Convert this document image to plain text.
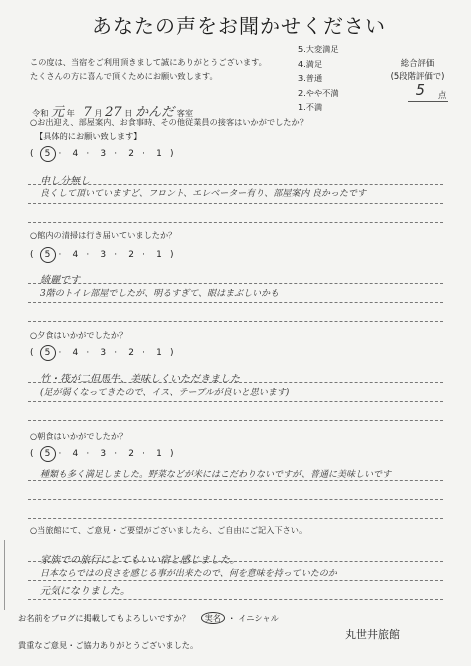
あなたの声をお聞かせください
この度は、当宿をご利用頂きまして誠にありがとうございます。
たくさんの方に喜んで頂くためにお願い致します。
5.大変満足
4.満足
3.普通
2.やや不満
1.不満
総合評価
(5段階評価で)
5 点
令和 元 年 7 月 27 日 かんだ 客室
○お出迎え、部屋案内、お食事時、その他従業員の接客はいかがでしたか？
【具体的にお願い致します】
( 5 · 4 · 3 · 2 · 1 )
申し分無し
良くして頂いていますど、フロント、エレベーター有り、部屋案内 良かったです
○館内の清掃は行き届いていましたか？
( 5 · 4 · 3 · 2 · 1 )
綺麗です
3階のトイレ部屋でしたが、明るすぎて、眼はまぶしいかも
○夕食はいかがでしたか？
( 5 · 4 · 3 · 2 · 1 )
竹・筏が二但馬牛、美味しくいただきました
(足が弱くなってきたので、イス、テーブルが良いと思います)
○朝食はいかがでしたか？
( 5 · 4 · 3 · 2 · 1 )
種類も多く満足しました。野菜などが米にはこだわりないですが、普通に美味しいです
○当旅館にて、ご意見・ご要望がございましたら、ご自由にご記入下さい。
家族での旅行にとてもいい宿と感じました。
日本ならではの良さを感じる事が出来たので、何を意味を持っていたのか
元気になりました。
お名前をブログに掲載してもよろしいですか？ 実名 ・ イニシャル
丸世井旅館
貴重なご意見・ご協力ありがとうございました。
